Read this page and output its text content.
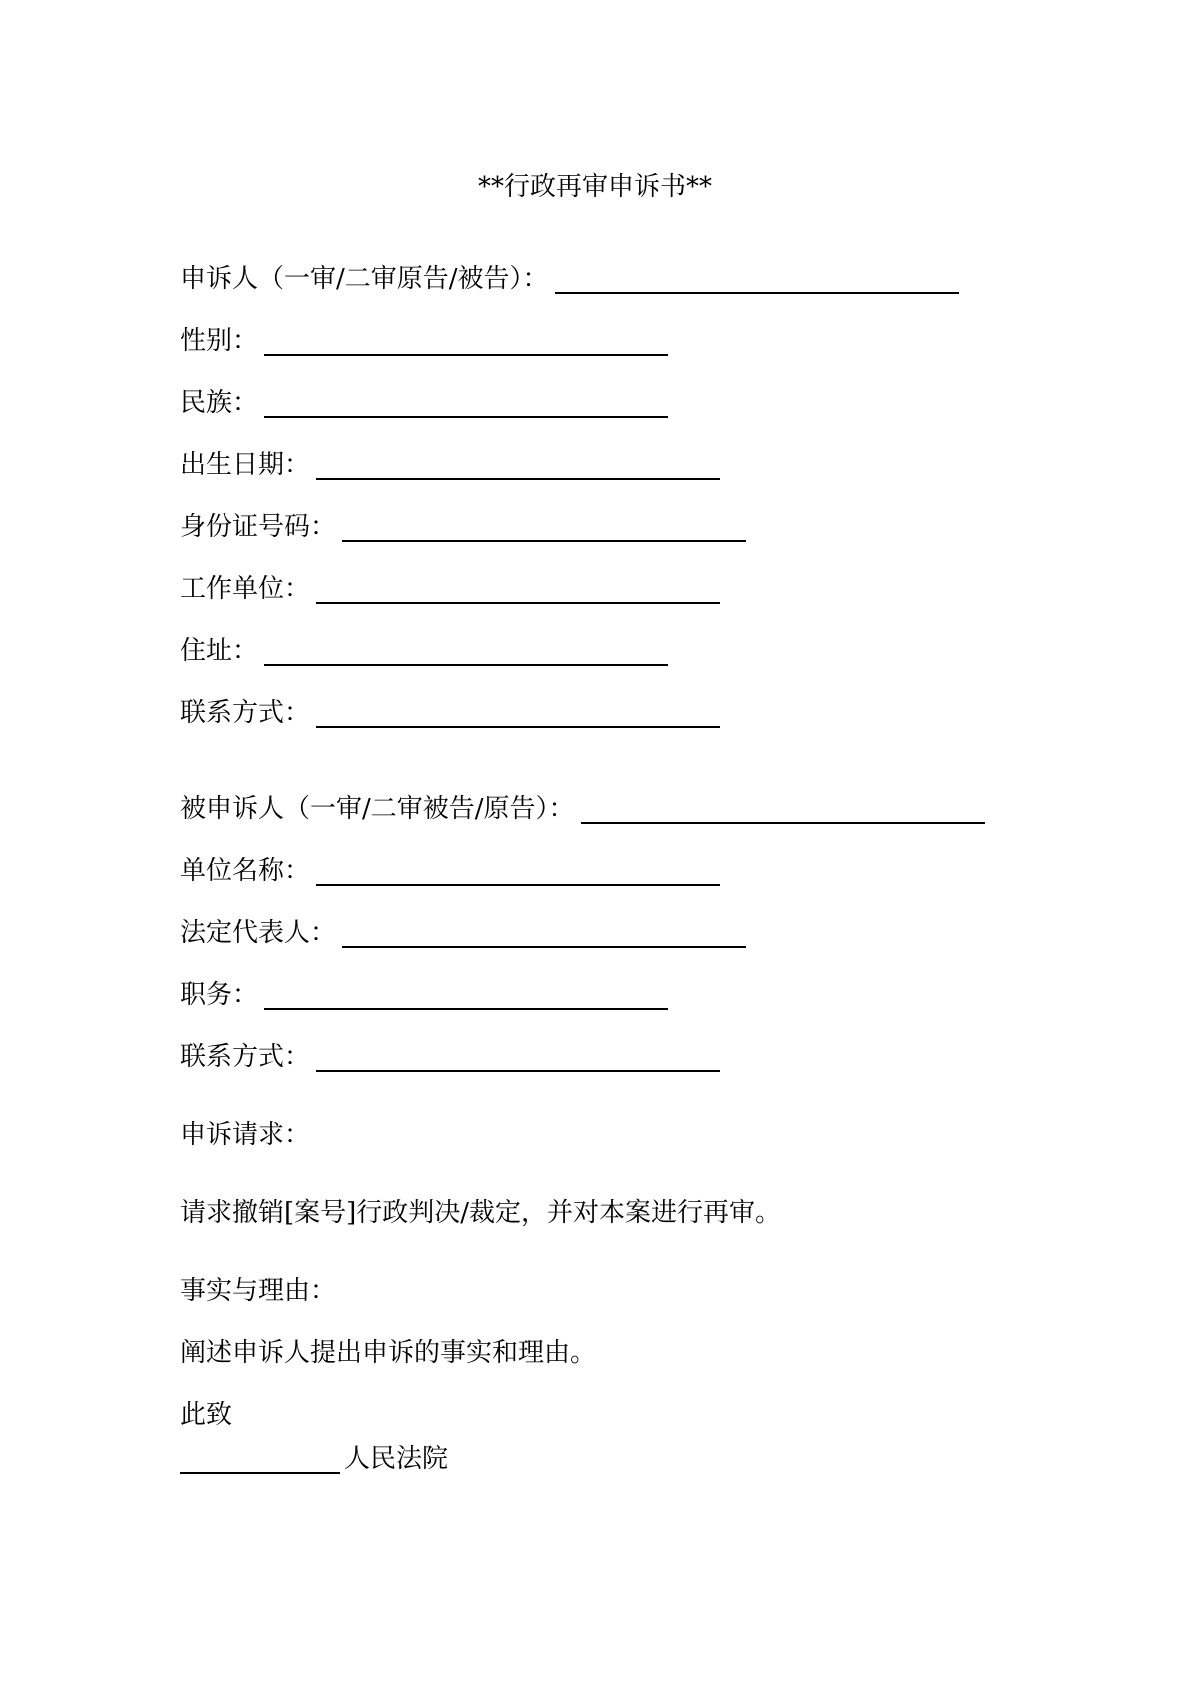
**行政再审申诉书**
申诉人（一审/二审原告/被告）：
性别：
民族：
出生日期：
身份证号码：
工作单位：
住址：
联系方式：
被申诉人（一审/二审被告/原告）：
单位名称：
法定代表人：
职务：
联系方式：
申诉请求：
请求撤销[案号]行政判决/裁定，并对本案进行再审。
事实与理由：
阐述申诉人提出申诉的事实和理由。
此致
人民法院
